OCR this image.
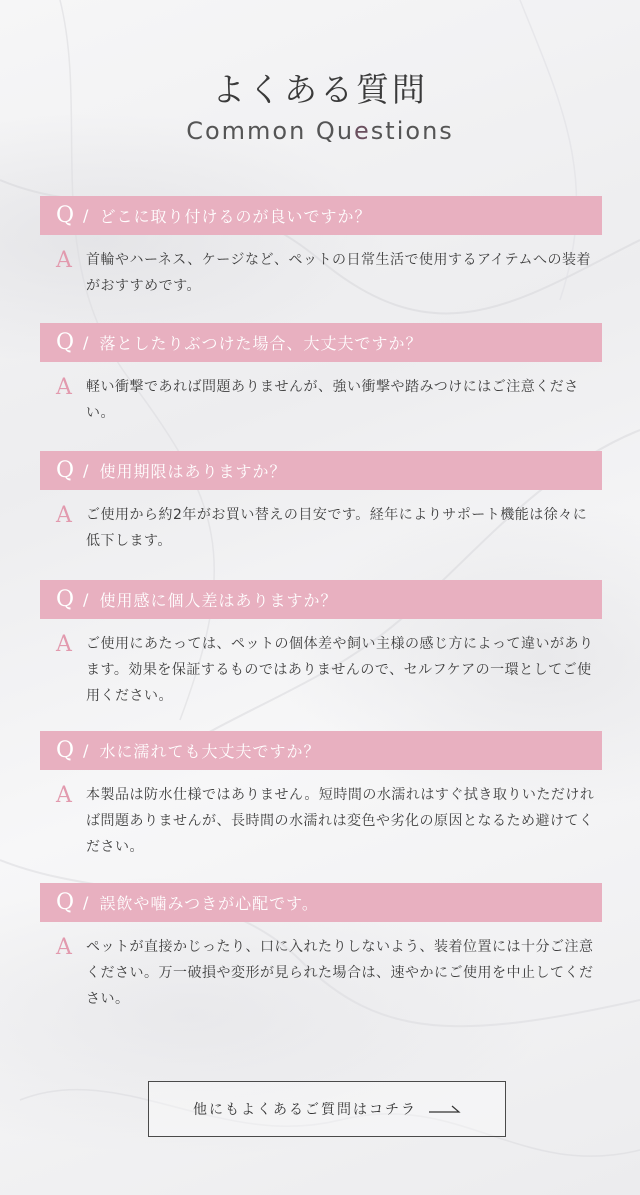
よくある質問
Common Questions
Q / どこに取り付けるのが良いですか？
A	首輪やハーネス、ケージなど、ペットの日常生活で使用するアイテムへの装着がおすすめです。
Q / 落としたりぶつけた場合、大丈夫ですか？
A	軽い衝撃であれば問題ありませんが、強い衝撃や踏みつけにはご注意ください。
Q / 使用期限はありますか？
A	ご使用から約2年がお買い替えの目安です。経年によりサポート機能は徐々に低下します。
Q / 使用感に個人差はありますか？
A	ご使用にあたっては、ペットの個体差や飼い主様の感じ方によって違いがあります。効果を保証するものではありませんので、セルフケアの一環としてご使用ください。
Q / 水に濡れても大丈夫ですか？
A	本製品は防水仕様ではありません。短時間の水濡れはすぐ拭き取りいただければ問題ありませんが、長時間の水濡れは変色や劣化の原因となるため避けてください。
Q / 誤飲や噛みつきが心配です。
A	ペットが直接かじったり、口に入れたりしないよう、装着位置には十分ご注意ください。万一破損や変形が見られた場合は、速やかにご使用を中止してください。
他にもよくあるご質問はコチラ
